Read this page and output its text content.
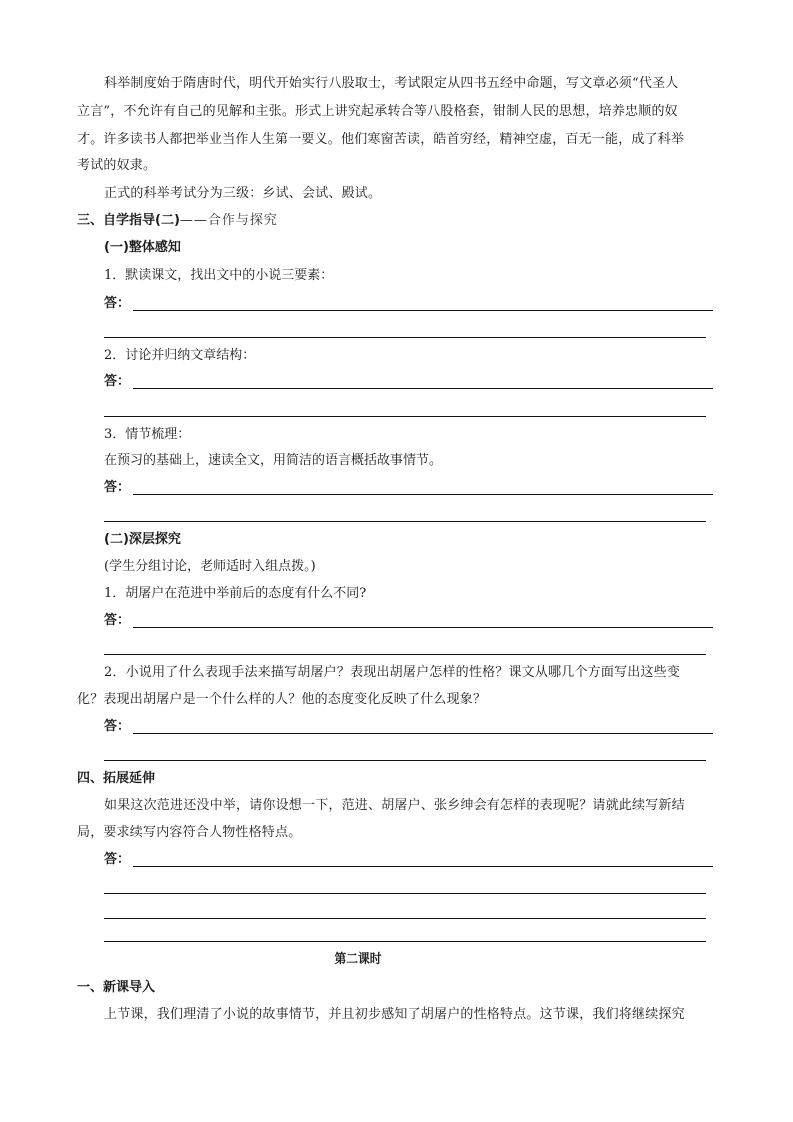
科举制度始于隋唐时代，明代开始实行八股取士，考试限定从四书五经中命题，写文章必须“代圣人
立言”，不允许有自己的见解和主张。形式上讲究起承转合等八股格套，钳制人民的思想，培养忠顺的奴
才。许多读书人都把举业当作人生第一要义。他们寒窗苦读，皓首穷经，精神空虚，百无一能，成了科举
考试的奴隶。
正式的科举考试分为三级：乡试、会试、殿试。
三、自学指导(二)——合作与探究
(一)整体感知
1．默读课文，找出文中的小说三要素：
答：
2．讨论并归纳文章结构：
答：
3．情节梳理：
在预习的基础上，速读全文，用简洁的语言概括故事情节。
答：
(二)深层探究
(学生分组讨论，老师适时入组点拨。)
1．胡屠户在范进中举前后的态度有什么不同?
答：
2．小说用了什么表现手法来描写胡屠户？表现出胡屠户怎样的性格？课文从哪几个方面写出这些变
化？表现出胡屠户是一个什么样的人？他的态度变化反映了什么现象？
答：
四、拓展延伸
如果这次范进还没中举，请你设想一下，范进、胡屠户、张乡绅会有怎样的表现呢？请就此续写新结
局，要求续写内容符合人物性格特点。
答：
第二课时
一、新课导入
上节课，我们理清了小说的故事情节，并且初步感知了胡屠户的性格特点。这节课，我们将继续探究
